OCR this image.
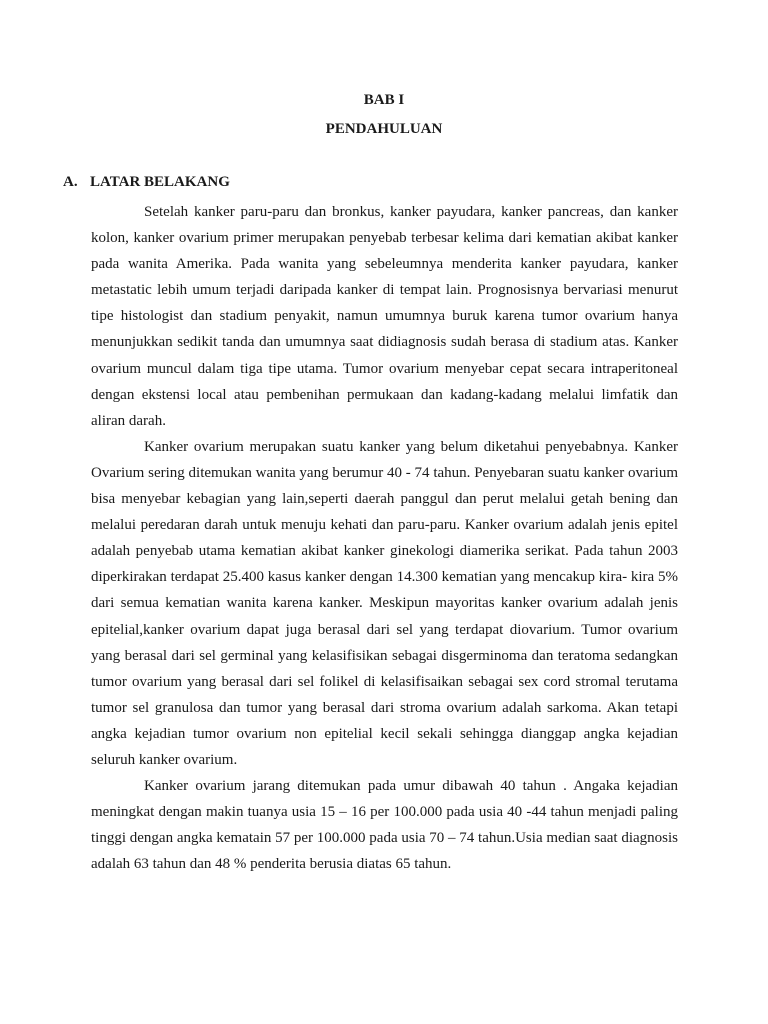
BAB I
PENDAHULUAN
A. LATAR BELAKANG

Setelah kanker paru-paru dan bronkus, kanker payudara, kanker pancreas, dan kanker kolon, kanker ovarium primer merupakan penyebab terbesar kelima dari kematian akibat kanker pada wanita Amerika. Pada wanita yang sebeleumnya menderita kanker payudara, kanker metastatic lebih umum terjadi daripada kanker di tempat lain. Prognosisnya bervariasi menurut tipe histologist dan stadium penyakit, namun umumnya buruk karena tumor ovarium hanya menunjukkan sedikit tanda dan umumnya saat didiagnosis sudah berasa di stadium atas. Kanker ovarium muncul dalam tiga tipe utama. Tumor ovarium menyebar cepat secara intraperitoneal dengan ekstensi local atau pembenihan permukaan dan kadang-kadang melalui limfatik dan aliran darah.

Kanker ovarium merupakan suatu kanker yang belum diketahui penyebabnya. Kanker Ovarium sering ditemukan wanita yang berumur 40 - 74 tahun. Penyebaran suatu kanker ovarium bisa menyebar kebagian yang lain,seperti daerah panggul dan perut melalui getah bening dan melalui peredaran darah untuk menuju kehati dan paru-paru. Kanker ovarium adalah jenis epitel adalah penyebab utama kematian akibat kanker ginekologi diamerika serikat. Pada tahun 2003 diperkirakan terdapat 25.400 kasus kanker dengan 14.300 kematian yang mencakup kira- kira 5% dari semua kematian wanita karena kanker. Meskipun mayoritas kanker ovarium adalah jenis epitelial,kanker ovarium dapat juga berasal dari sel yang terdapat diovarium. Tumor ovarium yang berasal dari sel germinal yang kelasifisikan sebagai disgerminoma dan teratoma sedangkan tumor ovarium yang berasal dari sel folikel di kelasifisaikan sebagai sex cord stromal terutama tumor sel granulosa dan tumor yang berasal dari stroma ovarium adalah sarkoma. Akan tetapi angka kejadian tumor ovarium non epitelial kecil sekali sehingga dianggap angka kejadian seluruh kanker ovarium.

Kanker ovarium jarang ditemukan pada umur dibawah 40 tahun . Angaka kejadian meningkat dengan makin tuanya usia 15 – 16 per 100.000 pada usia 40 -44 tahun menjadi paling tinggi dengan angka kematain 57 per 100.000 pada usia 70 – 74 tahun.Usia median saat diagnosis adalah 63 tahun dan 48 % penderita berusia diatas 65 tahun.
